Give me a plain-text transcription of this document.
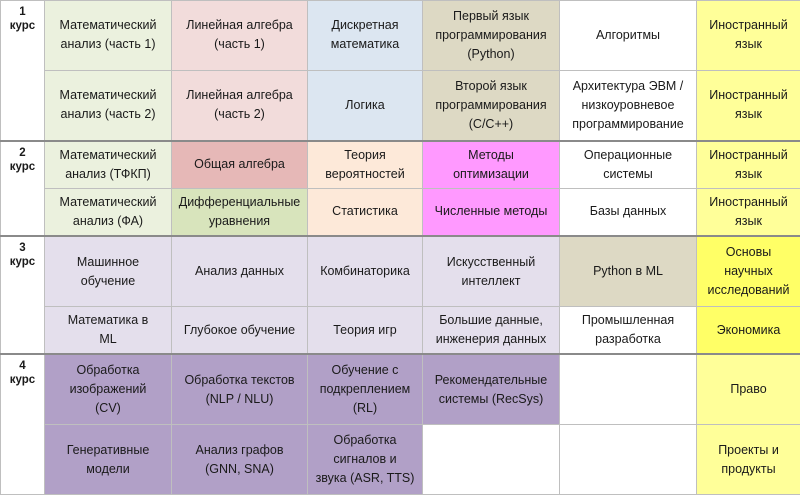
1
курс	Математический
анализ (часть 1)	Линейная алгебра
(часть 1)	Дискретная
математика	Первый язык
программирования
(Python)	Алгоритмы	Иностранный
язык
	Математический
анализ (часть 2)	Линейная алгебра
(часть 2)	Логика	Второй язык
программирования
(C/C++)	Архитектура ЭВМ /
низкоуровневое
программирование	Иностранный
язык
2
курс	Математический
анализ (ТФКП)	Общая алгебра	Теория
вероятностей	Методы
оптимизации	Операционные
системы	Иностранный
язык
	Математический
анализ (ФА)	Дифференциальные
уравнения	Статистика	Численные методы	Базы данных	Иностранный
язык
3
курс	Машинное
обучение	Анализ данных	Комбинаторика	Искусственный
интеллект	Python в ML	Основы
научных
исследований
	Математика в
ML	Глубокое обучение	Теория игр	Большие данные,
инженерия данных	Промышленная
разработка	Экономика
4
курс	Обработка
изображений
(CV)	Обработка текстов
(NLP / NLU)	Обучение с
подкреплением
(RL)	Рекомендательные
системы (RecSys)		Право
	Генеративные
модели	Анализ графов
(GNN, SNA)	Обработка
сигналов и
звука (ASR, TTS)			Проекты и
продукты
